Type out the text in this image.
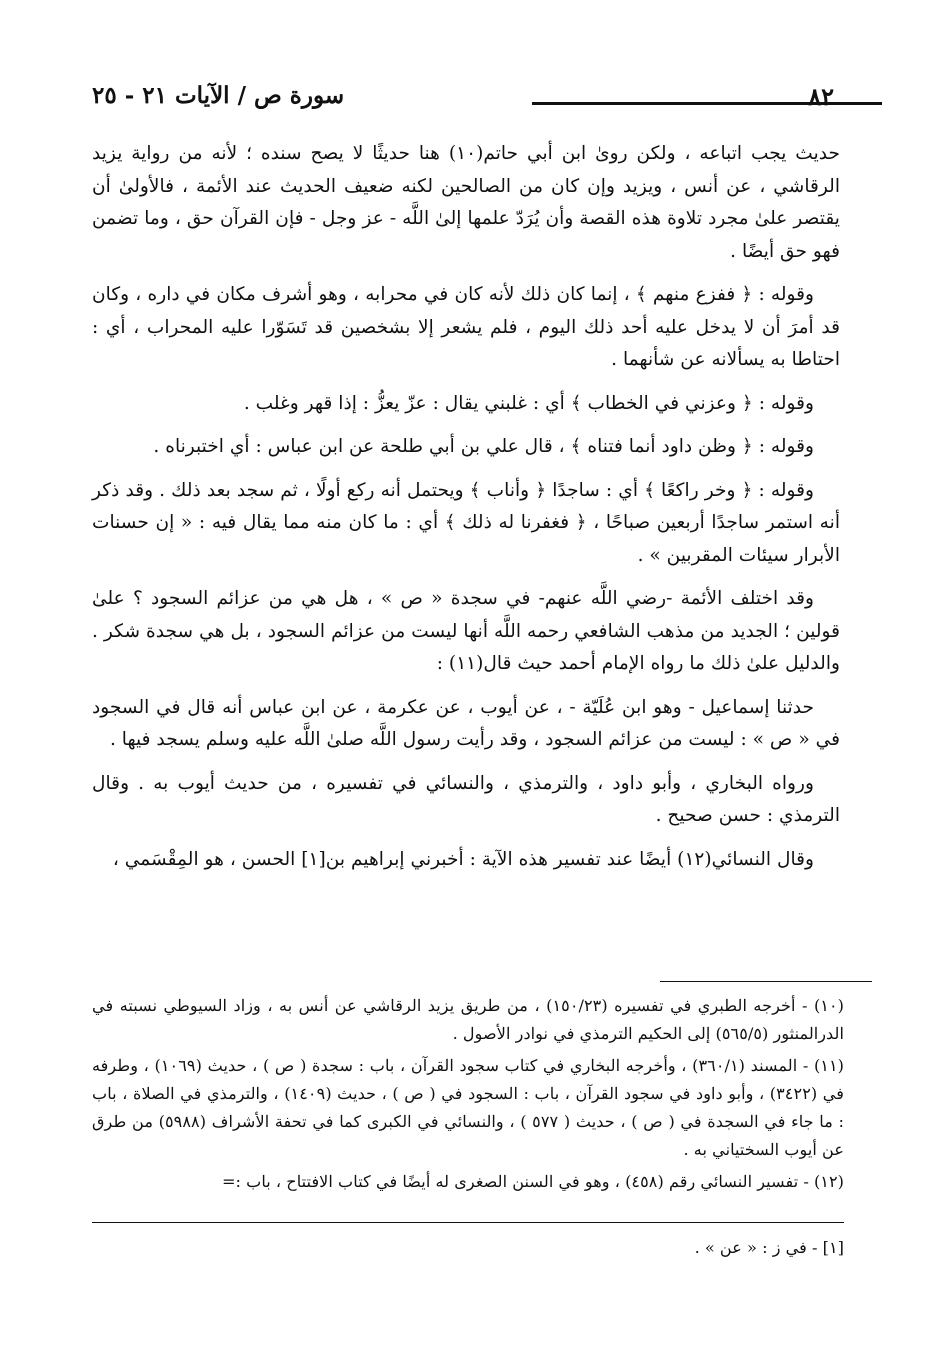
٨٢
سورة ص / الآيات ٢١ - ٢٥

حديث يجب اتباعه ، ولكن روىٰ ابن أبي حاتم(١٠) هنا حديثًا لا يصح سنده ؛ لأنه من رواية يزيد الرقاشي ، عن أنس ، ويزيد وإن كان من الصالحين لكنه ضعيف الحديث عند الأئمة ، فالأولىٰ أن يقتصر علىٰ مجرد تلاوة هذه القصة وأن يُرَدّ علمها إلىٰ اللَّه - عز وجل - فإن القرآن حق ، وما تضمن فهو حق أيضًا .

وقوله : ﴿ ففزع منهم ﴾ ، إنما كان ذلك لأنه كان في محرابه ، وهو أشرف مكان في داره ، وكان قد أمرَ أن لا يدخل عليه أحد ذلك اليوم ، فلم يشعر إلا بشخصين قد تَسَوّرا عليه المحراب ، أي : احتاطا به يسألانه عن شأنهما .

وقوله : ﴿ وعزني في الخطاب ﴾ أي : غلبني يقال : عزّ يعزُّ : إذا قهر وغلب .

وقوله : ﴿ وظن داود أنما فتناه ﴾ ، قال علي بن أبي طلحة عن ابن عباس : أي اختبرناه .

وقوله : ﴿ وخر راكعًا ﴾ أي : ساجدًا ﴿ وأناب ﴾ ويحتمل أنه ركع أولًا ، ثم سجد بعد ذلك . وقد ذكر أنه استمر ساجدًا أربعين صباحًا ، ﴿ فغفرنا له ذلك ﴾ أي : ما كان منه مما يقال فيه : « إن حسنات الأبرار سيئات المقربين » .

وقد اختلف الأئمة -رضي اللَّه عنهم- في سجدة « ص » ، هل هي من عزائم السجود ؟ علىٰ قولين ؛ الجديد من مذهب الشافعي رحمه اللَّه أنها ليست من عزائم السجود ، بل هي سجدة شكر . والدليل علىٰ ذلك ما رواه الإمام أحمد حيث قال(١١) :

حدثنا إسماعيل - وهو ابن عُلَيّة - ، عن أيوب ، عن عكرمة ، عن ابن عباس أنه قال في السجود في « ص » : ليست من عزائم السجود ، وقد رأيت رسول اللَّه صلىٰ اللَّه عليه وسلم يسجد فيها .

ورواه البخاري ، وأبو داود ، والترمذي ، والنسائي في تفسيره ، من حديث أيوب به . وقال الترمذي : حسن صحيح .

وقال النسائي(١٢) أيضًا عند تفسير هذه الآية : أخبرني إبراهيم بن[١] الحسن ، هو المِقْسَمي ،

(١٠) - أخرجه الطبري في تفسيره (١٥٠/٢٣) ، من طريق يزيد الرقاشي عن أنس به ، وزاد السيوطي نسبته في الدرالمنثور (٥٦٥/٥) إلى الحكيم الترمذي في نوادر الأصول .

(١١) - المسند (٣٦٠/١) ، وأخرجه البخاري في كتاب سجود القرآن ، باب : سجدة ( ص ) ، حديث (١٠٦٩) ، وطرفه في (٣٤٢٢) ، وأبو داود في سجود القرآن ، باب : السجود في ( ص ) ، حديث (١٤٠٩) ، والترمذي في الصلاة ، باب : ما جاء في السجدة في ( ص ) ، حديث ( ٥٧٧ ) ، والنسائي في الكبرى كما في تحفة الأشراف (٥٩٨٨) من طرق عن أيوب السختياني به .

(١٢) - تفسير النسائي رقم (٤٥٨) ، وهو في السنن الصغرى له أيضًا في كتاب الافتتاح ، باب :=

[١] - في ز : « عن » .
